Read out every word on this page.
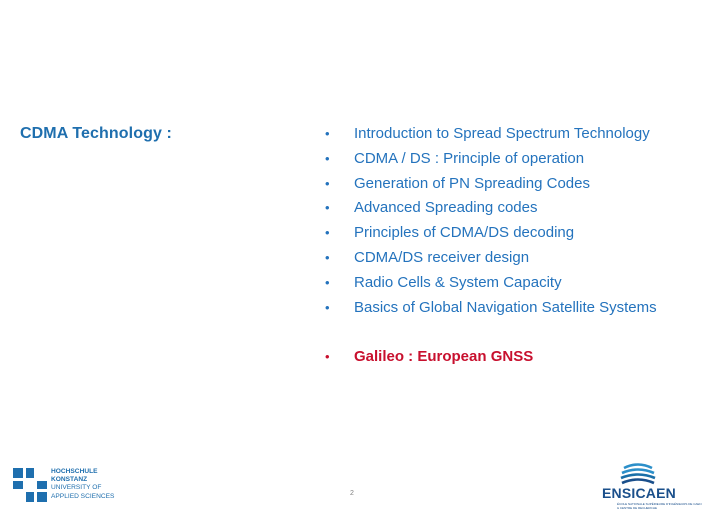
CDMA Technology :	• Introduction to Spread Spectrum Technology
• CDMA / DS : Principle of operation
• Generation of PN Spreading Codes
• Advanced Spreading codes
• Principles of CDMA/DS decoding
• CDMA/DS receiver design
• Radio Cells & System Capacity
• Basics of Global Navigation Satellite Systems
• Galileo : European GNSS
HOCHSCHULE
KONSTANZ
UNIVERSITY OF
APPLIED SCIENCES	2	ENSICAEN
ÉCOLE NATIONALE SUPÉRIEURE D'INGÉNIEURS DE CAEN
& CENTRE DE RECHERCHE
